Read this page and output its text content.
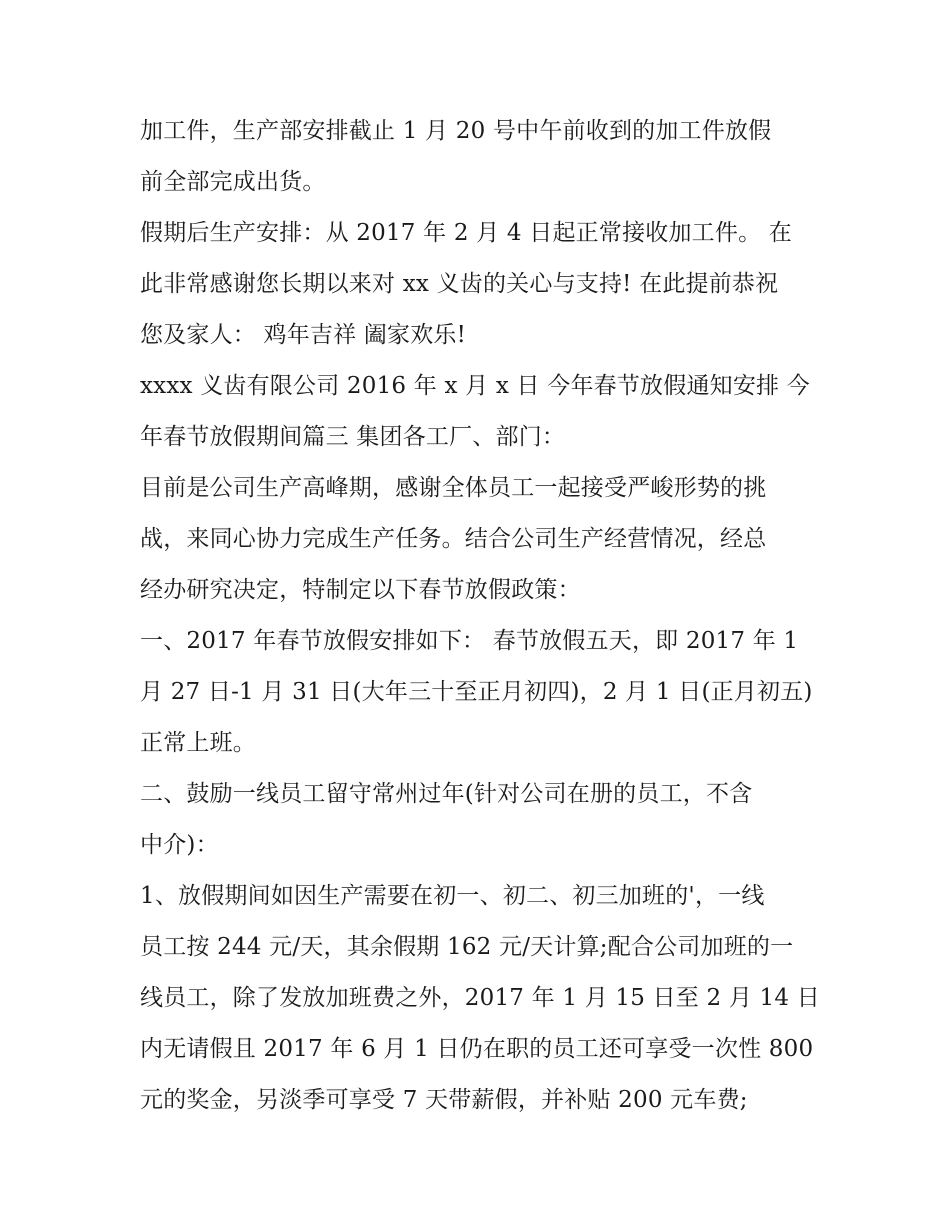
加工件，生产部安排截止 1 月 20 号中午前收到的加工件放假
前全部完成出货。
假期后生产安排：从 2017 年 2 月 4 日起正常接收加工件。 在
此非常感谢您长期以来对 xx 义齿的关心与支持! 在此提前恭祝
您及家人： 鸡年吉祥 阖家欢乐!
xxxx 义齿有限公司 2016 年 x 月 x 日 今年春节放假通知安排 今
年春节放假期间篇三 集团各工厂、部门：
目前是公司生产高峰期，感谢全体员工一起接受严峻形势的挑
战，来同心协力完成生产任务。结合公司生产经营情况，经总
经办研究决定，特制定以下春节放假政策：
一、2017 年春节放假安排如下： 春节放假五天，即 2017 年 1
月 27 日-1 月 31 日(大年三十至正月初四)，2 月 1 日(正月初五)
正常上班。
二、鼓励一线员工留守常州过年(针对公司在册的员工，不含
中介)：
1、放假期间如因生产需要在初一、初二、初三加班的'，一线
员工按 244 元/天，其余假期 162 元/天计算;配合公司加班的一
线员工，除了发放加班费之外，2017 年 1 月 15 日至 2 月 14 日
内无请假且 2017 年 6 月 1 日仍在职的员工还可享受一次性 800
元的奖金，另淡季可享受 7 天带薪假，并补贴 200 元车费;
